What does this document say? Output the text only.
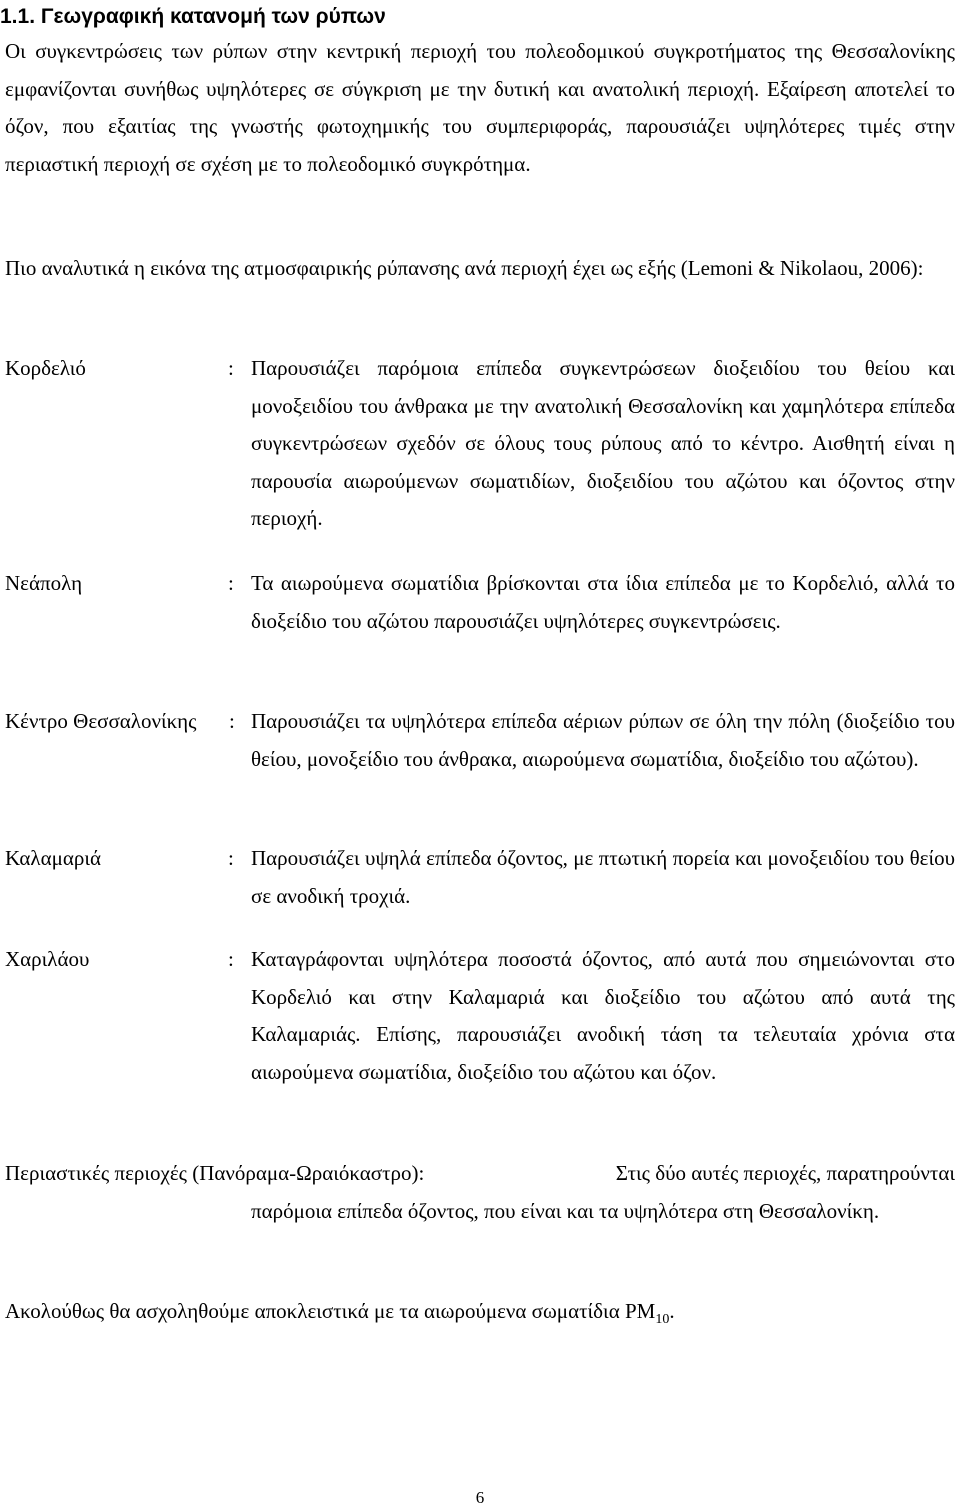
1.1. Γεωγραφική κατανομή των ρύπων
Οι συγκεντρώσεις των ρύπων στην κεντρική περιοχή του πολεοδομικού συγκροτήματος της Θεσσαλονίκης εμφανίζονται συνήθως υψηλότερες σε σύγκριση με την δυτική και ανατολική περιοχή. Εξαίρεση αποτελεί το όζον, που εξαιτίας της γνωστής φωτοχημικής του συμπεριφοράς, παρουσιάζει υψηλότερες τιμές στην περιαστική περιοχή σε σχέση με το πολεοδομικό συγκρότημα.
Πιο αναλυτικά η εικόνα της ατμοσφαιρικής ρύπανσης ανά περιοχή έχει ως εξής (Lemoni & Nikolaou, 2006):
Κορδελιό	: Παρουσιάζει παρόμοια επίπεδα συγκεντρώσεων διοξειδίου του θείου και μονοξειδίου του άνθρακα με την ανατολική Θεσσαλονίκη και χαμηλότερα επίπεδα συγκεντρώσεων σχεδόν σε όλους τους ρύπους από το κέντρο. Αισθητή είναι η παρουσία αιωρούμενων σωματιδίων, διοξειδίου του αζώτου και όζοντος στην περιοχή.
Νεάπολη	: Τα αιωρούμενα σωματίδια βρίσκονται στα ίδια επίπεδα με το Κορδελιό, αλλά το διοξείδιο του αζώτου παρουσιάζει υψηλότερες συγκεντρώσεις.
Κέντρο Θεσσαλονίκης : Παρουσιάζει τα υψηλότερα επίπεδα αέριων ρύπων σε όλη την πόλη (διοξείδιο του θείου, μονοξείδιο του άνθρακα, αιωρούμενα σωματίδια, διοξείδιο του αζώτου).
Καλαμαριά	: Παρουσιάζει υψηλά επίπεδα όζοντος, με πτωτική πορεία και μονοξειδίου του θείου σε ανοδική τροχιά.
Χαριλάου	: Καταγράφονται υψηλότερα ποσοστά όζοντος, από αυτά που σημειώνονται στο Κορδελιό και στην Καλαμαριά και διοξείδιο του αζώτου από αυτά της Καλαμαριάς. Επίσης, παρουσιάζει ανοδική τάση τα τελευταία χρόνια στα αιωρούμενα σωματίδια, διοξείδιο του αζώτου και όζον.
Περιαστικές περιοχές (Πανόραμα-Ωραιόκαστρο):	Στις δύο αυτές περιοχές, παρατηρούνται
παρόμοια επίπεδα όζοντος, που είναι και τα υψηλότερα στη Θεσσαλονίκη.
Ακολούθως θα ασχοληθούμε αποκλειστικά με τα αιωρούμενα σωματίδια $PM_{10}$.
6
